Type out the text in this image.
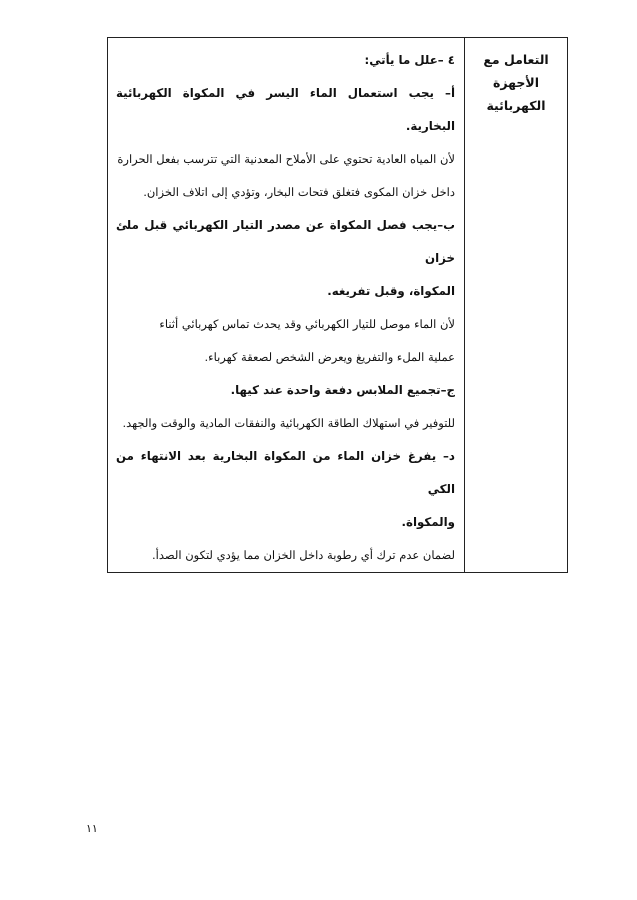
التعامل مع الأجهزة
الكهربائية

٤ –علل ما يأتي:
أ– يجب استعمال الماء اليسر في المكواة الكهربائية البخارية.
لأن المياه العادية تحتوي على الأملاح المعدنية التي تترسب بفعل الحرارة
داخل خزان المكوى فتغلق فتحات البخار، وتؤدي إلى اتلاف الخزان.
ب–يجب فصل المكواة عن مصدر التيار الكهربائي قبل ملئ خزان
المكواة، وقبل تفريغه.
لأن الماء موصل للتيار الكهربائي وقد يحدث تماس كهربائي أثناء
عملية الملء والتفريغ ويعرض الشخص لصعقة كهرباء.
ج–تجميع الملابس دفعة واحدة عند كيها.
للتوفير في استهلاك الطاقة الكهربائية والنفقات المادية والوقت والجهد.
د– يفرغ خزان الماء من المكواة البخارية بعد الانتهاء من الكي
والمكواة.
لضمان عدم ترك أي رطوبة داخل الخزان مما يؤدي لتكون الصدأ.
١١
